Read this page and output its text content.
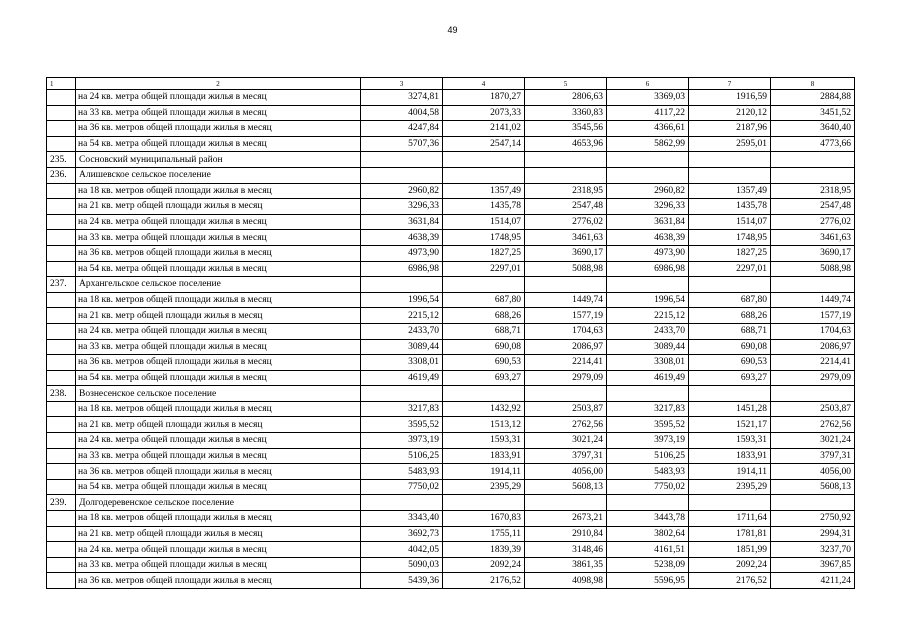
49
1	2	3	4	5	6	7	8
	на 24 кв. метра общей площади жилья в месяц	3274,81	1870,27	2806,63	3369,03	1916,59	2884,88
	на 33 кв. метра общей площади жилья в месяц	4004,58	2073,33	3360,83	4117,22	2120,12	3451,52
	на 36 кв. метров общей площади жилья в месяц	4247,84	2141,02	3545,56	4366,61	2187,96	3640,40
	на 54 кв. метра общей площади жилья в месяц	5707,36	2547,14	4653,96	5862,99	2595,01	4773,66
235.	Сосновский муниципальный район						
236.	Алишевское сельское поселение						
	на 18 кв. метров общей площади жилья в месяц	2960,82	1357,49	2318,95	2960,82	1357,49	2318,95
	на 21 кв. метр общей площади жилья в месяц	3296,33	1435,78	2547,48	3296,33	1435,78	2547,48
	на 24 кв. метра общей площади жилья в месяц	3631,84	1514,07	2776,02	3631,84	1514,07	2776,02
	на 33 кв. метра общей площади жилья в месяц	4638,39	1748,95	3461,63	4638,39	1748,95	3461,63
	на 36 кв. метров общей площади жилья в месяц	4973,90	1827,25	3690,17	4973,90	1827,25	3690,17
	на 54 кв. метра общей площади жилья в месяц	6986,98	2297,01	5088,98	6986,98	2297,01	5088,98
237.	Архангельское сельское поселение						
	на 18 кв. метров общей площади жилья в месяц	1996,54	687,80	1449,74	1996,54	687,80	1449,74
	на 21 кв. метр общей площади жилья в месяц	2215,12	688,26	1577,19	2215,12	688,26	1577,19
	на 24 кв. метра общей площади жилья в месяц	2433,70	688,71	1704,63	2433,70	688,71	1704,63
	на 33 кв. метра общей площади жилья в месяц	3089,44	690,08	2086,97	3089,44	690,08	2086,97
	на 36 кв. метров общей площади жилья в месяц	3308,01	690,53	2214,41	3308,01	690,53	2214,41
	на 54 кв. метра общей площади жилья в месяц	4619,49	693,27	2979,09	4619,49	693,27	2979,09
238.	Вознесенское сельское поселение						
	на 18 кв. метров общей площади жилья в месяц	3217,83	1432,92	2503,87	3217,83	1451,28	2503,87
	на 21 кв. метр общей площади жилья в месяц	3595,52	1513,12	2762,56	3595,52	1521,17	2762,56
	на 24 кв. метра общей площади жилья в месяц	3973,19	1593,31	3021,24	3973,19	1593,31	3021,24
	на 33 кв. метра общей площади жилья в месяц	5106,25	1833,91	3797,31	5106,25	1833,91	3797,31
	на 36 кв. метров общей площади жилья в месяц	5483,93	1914,11	4056,00	5483,93	1914,11	4056,00
	на 54 кв. метра общей площади жилья в месяц	7750,02	2395,29	5608,13	7750,02	2395,29	5608,13
239.	Долгодеревенское сельское поселение						
	на 18 кв. метров общей площади жилья в месяц	3343,40	1670,83	2673,21	3443,78	1711,64	2750,92
	на 21 кв. метр общей площади жилья в месяц	3692,73	1755,11	2910,84	3802,64	1781,81	2994,31
	на 24 кв. метра общей площади жилья в месяц	4042,05	1839,39	3148,46	4161,51	1851,99	3237,70
	на 33 кв. метра общей площади жилья в месяц	5090,03	2092,24	3861,35	5238,09	2092,24	3967,85
	на 36 кв. метров общей площади жилья в месяц	5439,36	2176,52	4098,98	5596,95	2176,52	4211,24
